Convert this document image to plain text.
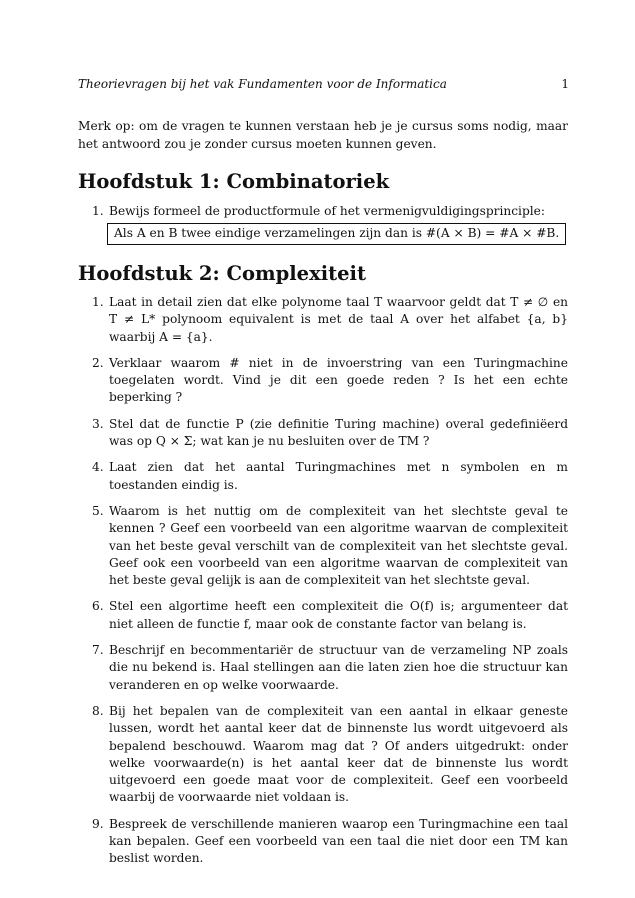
Theorievragen bij het vak Fundamenten voor de Informatica	1
Merk op: om de vragen te kunnen verstaan heb je je cursus soms nodig, maar het antwoord zou je zonder cursus moeten kunnen geven.
Hoofdstuk 1: Combinatoriek
1. Bewijs formeel de productformule of het vermenigvuldigingsprinciple:
Als A en B twee eindige verzamelingen zijn dan is #(A × B) = #A × #B.
Hoofdstuk 2: Complexiteit
1. Laat in detail zien dat elke polynome taal T waarvoor geldt dat T ≠ ∅ en T ≠ L* polynoom equivalent is met de taal A over het alfabet {a, b} waarbij A = {a}.
2. Verklaar waarom # niet in de invoerstring van een Turingmachine toegelaten wordt. Vind je dit een goede reden ? Is het een echte beperking ?
3. Stel dat de functie P (zie definitie Turing machine) overal gedefiniëerd was op Q × Σ; wat kan je nu besluiten over de TM ?
4. Laat zien dat het aantal Turingmachines met n symbolen en m toestanden eindig is.
5. Waarom is het nuttig om de complexiteit van het slechtste geval te kennen ? Geef een voorbeeld van een algoritme waarvan de complexiteit van het beste geval verschilt van de complexiteit van het slechtste geval. Geef ook een voorbeeld van een algoritme waarvan de complexiteit van het beste geval gelijk is aan de complexiteit van het slechtste geval.
6. Stel een algortime heeft een complexiteit die O(f) is; argumenteer dat niet alleen de functie f, maar ook de constante factor van belang is.
7. Beschrijf en becommentariër de structuur van de verzameling NP zoals die nu bekend is. Haal stellingen aan die laten zien hoe die structuur kan veranderen en op welke voorwaarde.
8. Bij het bepalen van de complexiteit van een aantal in elkaar geneste lussen, wordt het aantal keer dat de binnenste lus wordt uitgevoerd als bepalend beschouwd. Waarom mag dat ? Of anders uitgedrukt: onder welke voorwaarde(n) is het aantal keer dat de binnenste lus wordt uitgevoerd een goede maat voor de complexiteit. Geef een voorbeeld waarbij de voorwaarde niet voldaan is.
9. Bespreek de verschillende manieren waarop een Turingmachine een taal kan bepalen. Geef een voorbeeld van een taal die niet door een TM kan beslist worden.
